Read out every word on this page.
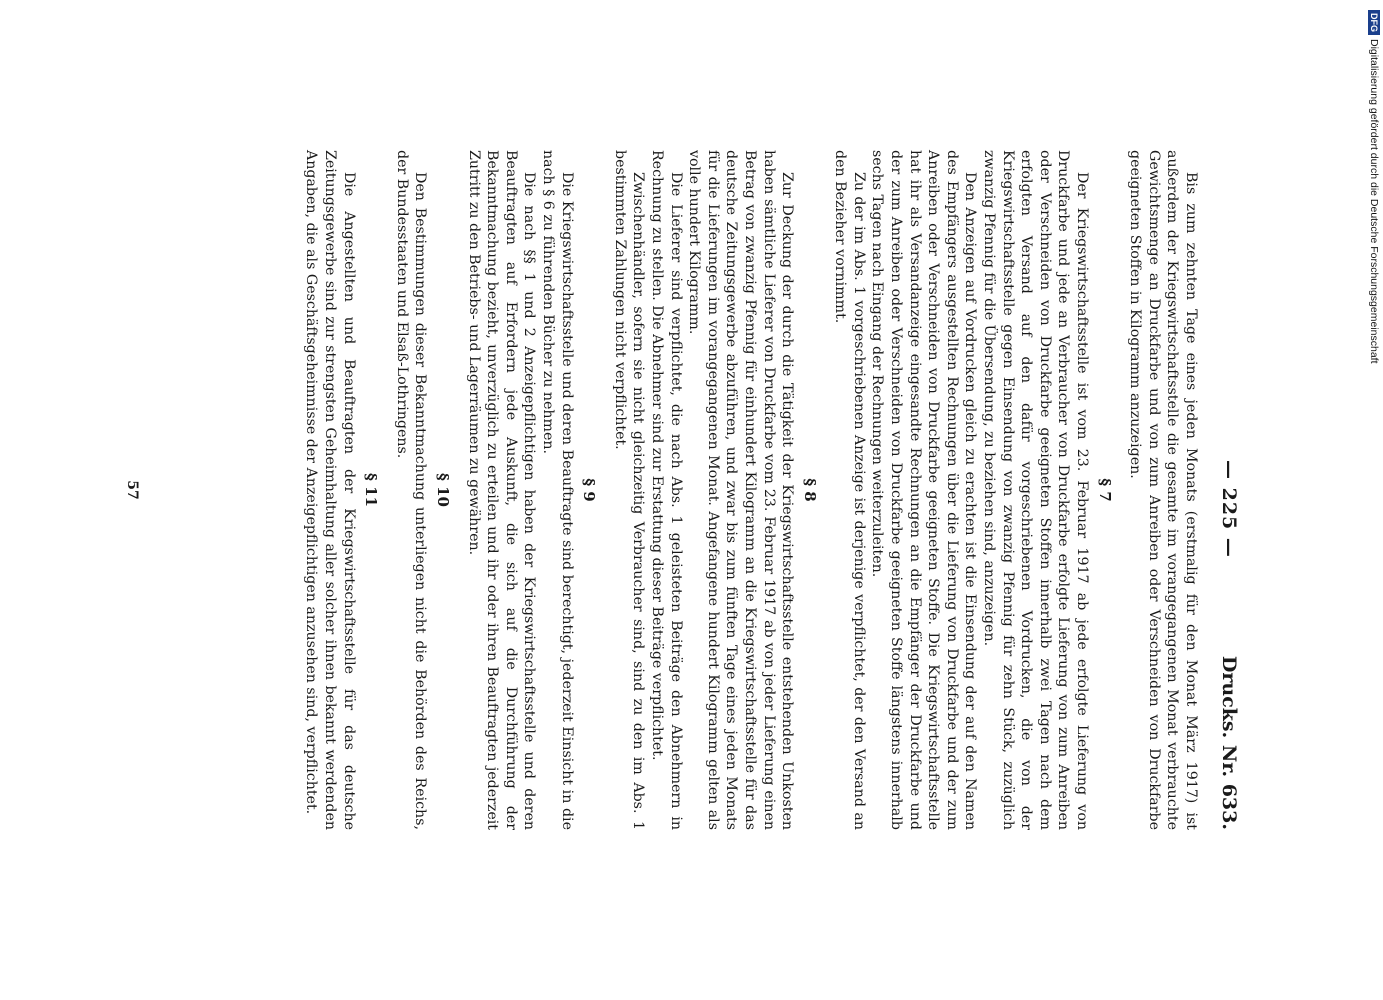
— 225 —
Drucks. Nr. 633.

Bis zum zehnten Tage eines jeden Monats (erstmalig für den Monat März 1917) ist außerdem der Kriegswirtschaftsstelle die gesamte im vorangegangenen Monat verbrauchte Gewichtsmenge an Druckfarbe und von zum Anreiben oder Verschneiden von Druckfarbe geeigneten Stoffen in Kilogramm anzuzeigen.

§ 7

Der Kriegswirtschaftsstelle ist vom 23. Februar 1917 ab jede erfolgte Lieferung von Druckfarbe und jede an Verbraucher von Druckfarbe erfolgte Lieferung von zum Anreiben oder Verschneiden von Druckfarbe geeigneten Stoffen innerhalb zwei Tagen nach dem erfolgten Versand auf den dafür vorgeschriebenen Vordrucken, die von der Kriegswirtschaftsstelle gegen Einsendung von zwanzig Pfennig für zehn Stück, zuzüglich zwanzig Pfennig für die Übersendung, zu beziehen sind, anzuzeigen.

Den Anzeigen auf Vordrucken gleich zu erachten ist die Einsendung der auf den Namen des Empfängers ausgestellten Rechnungen über die Lieferung von Druckfarbe und der zum Anreiben oder Verschneiden von Druckfarbe geeigneten Stoffe. Die Kriegswirtschaftsstelle hat ihr als Versandanzeige eingesandte Rechnungen an die Empfänger der Druckfarbe und der zum Anreiben oder Verschneiden von Druckfarbe geeigneten Stoffe längstens innerhalb sechs Tagen nach Eingang der Rechnungen weiterzuleiten.

Zu der im Abs. 1 vorgeschriebenen Anzeige ist derjenige verpflichtet, der den Versand an den Bezieher vornimmt.

§ 8

Zur Deckung der durch die Tätigkeit der Kriegswirtschaftsstelle entstehenden Unkosten haben sämtliche Lieferer von Druckfarbe vom 23. Februar 1917 ab von jeder Lieferung einen Betrag von zwanzig Pfennig für einhundert Kilogramm an die Kriegswirtschaftsstelle für das deutsche Zeitungsgewerbe abzuführen, und zwar bis zum fünften Tage eines jeden Monats für die Lieferungen im vorangegangenen Monat. Angefangene hundert Kilogramm gelten als volle hundert Kilogramm.

Die Lieferer sind verpflichtet, die nach Abs. 1 geleisteten Beiträge den Abnehmern in Rechnung zu stellen. Die Abnehmer sind zur Erstattung dieser Beiträge verpflichtet.

Zwischenhändler, sofern sie nicht gleichzeitig Verbraucher sind, sind zu den im Abs. 1 bestimmten Zahlungen nicht verpflichtet.

§ 9

Die Kriegswirtschaftsstelle und deren Beauftragte sind berechtigt, jederzeit Einsicht in die nach § 6 zu führenden Bücher zu nehmen.

Die nach §§ 1 und 2 Anzeigepflichtigen haben der Kriegswirtschaftsstelle und deren Beauftragten auf Erfordern jede Auskunft, die sich auf die Durchführung der Bekanntmachung bezieht, unverzüglich zu erteilen und ihr oder ihren Beauftragten jederzeit Zutritt zu den Betriebs- und Lagerräumen zu gewähren.

§ 10

Den Bestimmungen dieser Bekanntmachung unterliegen nicht die Behörden des Reichs, der Bundesstaaten und Elsaß-Lothringens.

§ 11

Die Angestellten und Beauftragten der Kriegswirtschaftsstelle für das deutsche Zeitungsgewerbe sind zur strengsten Geheimhaltung aller solcher ihnen bekannt werdenden Angaben, die als Geschäftsgeheimnisse der Anzeigepflichtigen anzusehen sind, verpflichtet.

57
DFGDigitalisierung gefördert durch die Deutsche Forschungsgemeinschaft
